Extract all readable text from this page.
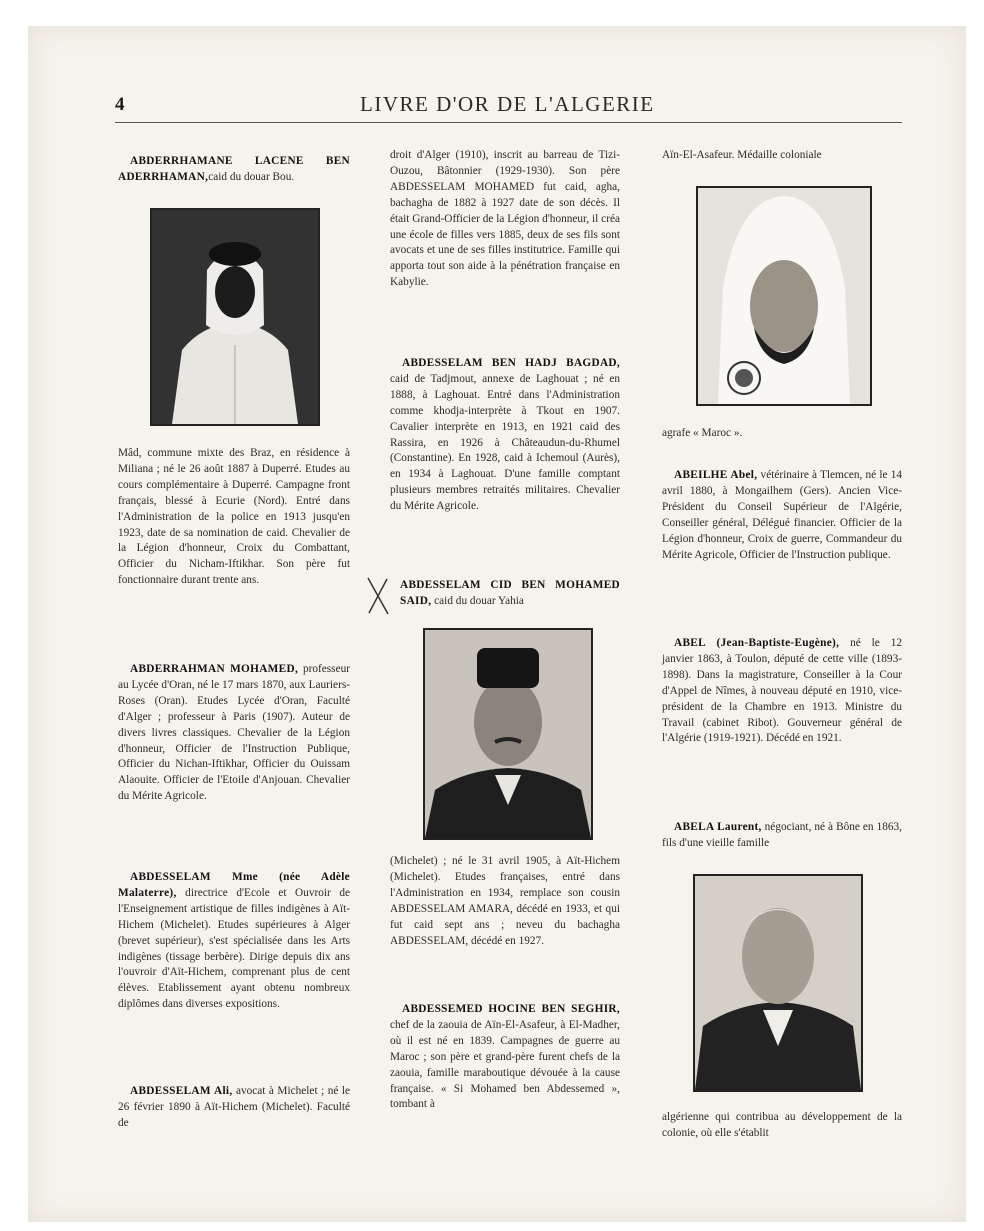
4	LIVRE D'OR DE L'ALGERIE

ABDERRHAMANE LACENE BEN ADERRHAMAN,caid du douar Bou.

Mâd, commune mixte des Braz, en résidence à Miliana ; né le 26 août 1887 à Duperré. Etudes au cours complémentaire à Duperré. Campagne front français, blessé à Ecurie (Nord). Entré dans l'Administration de la police en 1913 jusqu'en 1923, date de sa nomination de caid. Chevalier de la Légion d'honneur, Croix du Combattant, Officier du Nicham-Iftikhar. Son père fut fonctionnaire durant trente ans.

ABDERRAHMAN MOHAMED, professeur au Lycée d'Oran, né le 17 mars 1870, aux Lauriers-Roses (Oran). Etudes Lycée d'Oran, Faculté d'Alger ; professeur à Paris (1907). Auteur de divers livres classiques. Chevalier de la Légion d'honneur, Officier de l'Instruction Publique, Officier du Nichan-Iftikhar, Officier du Ouissam Alaouite. Officier de l'Etoile d'Anjouan. Chevalier du Mérite Agricole.

ABDESSELAM Mme (née Adèle Malaterre), directrice d'Ecole et Ouvroir de l'Enseignement artistique de filles indigènes à Aït-Hichem (Michelet). Etudes supérieures à Alger (brevet supérieur), s'est spécialisée dans les Arts indigènes (tissage berbère). Dirige depuis dix ans l'ouvroir d'Aït-Hichem, comprenant plus de cent élèves. Etablissement ayant obtenu nombreux diplômes dans diverses expositions.

ABDESSELAM Ali, avocat à Michelet ; né le 26 février 1890 à Aït-Hichem (Michelet). Faculté de

droit d'Alger (1910), inscrit au barreau de Tizi-Ouzou, Bâtonnier (1929-1930). Son père ABDESSELAM MOHAMED fut caid, agha, bachagha de 1882 à 1927 date de son décès. Il était Grand-Officier de la Légion d'honneur, il créa une école de filles vers 1885, deux de ses fils sont avocats et une de ses filles institutrice. Famille qui apporta tout son aide à la pénétration française en Kabylie.

ABDESSELAM BEN HADJ BAGDAD, caid de Tadjmout, annexe de Laghouat ; né en 1888, à Laghouat. Entré dans l'Administration comme khodja-interprète à Tkout en 1907. Cavalier interprète en 1913, en 1921 caid des Rassira, en 1926 à Châteaudun-du-Rhumel (Constantine). En 1928, caid à Ichemoul (Aurès), en 1934 à Laghouat. D'une famille comptant plusieurs membres retraités militaires. Chevalier du Mérite Agricole.

ABDESSELAM CID BEN MOHAMED SAID, caid du douar Yahia

(Michelet) ; né le 31 avril 1905, à Aït-Hichem (Michelet). Etudes françaises, entré dans l'Administration en 1934, remplace son cousin ABDESSELAM AMARA, décédé en 1933, et qui fut caid sept ans ; neveu du bachagha ABDESSELAM, décédé en 1927.

ABDESSEMED HOCINE BEN SEGHIR, chef de la zaouia de Aïn-El-Asafeur, à El-Madher, où il est né en 1839. Campagnes de guerre au Maroc ; son père et grand-père furent chefs de la zaouia, famille maraboutique dévouée à la cause française. « Si Mohamed ben Abdessemed », tombant à

Aïn-El-Asafeur. Médaille coloniale

agrafe « Maroc ».

ABEILHE Abel, vétérinaire à Tlemcen, né le 14 avril 1880, à Mongailhem (Gers). Ancien Vice-Président du Conseil Supérieur de l'Algérie, Conseiller général, Délégué financier. Officier de la Légion d'honneur, Croix de guerre, Commandeur du Mérite Agricole, Officier de l'Instruction publique.

ABEL (Jean-Baptiste-Eugène), né le 12 janvier 1863, à Toulon, député de cette ville (1893-1898). Dans la magistrature, Conseiller à la Cour d'Appel de Nîmes, à nouveau député en 1910, vice-président de la Chambre en 1913. Ministre du Travail (cabinet Ribot). Gouverneur général de l'Algérie (1919-1921). Décédé en 1921.

ABELA Laurent, négociant, né à Bône en 1863, fils d'une vieille famille

algérienne qui contribua au développement de la colonie, où elle s'établit
